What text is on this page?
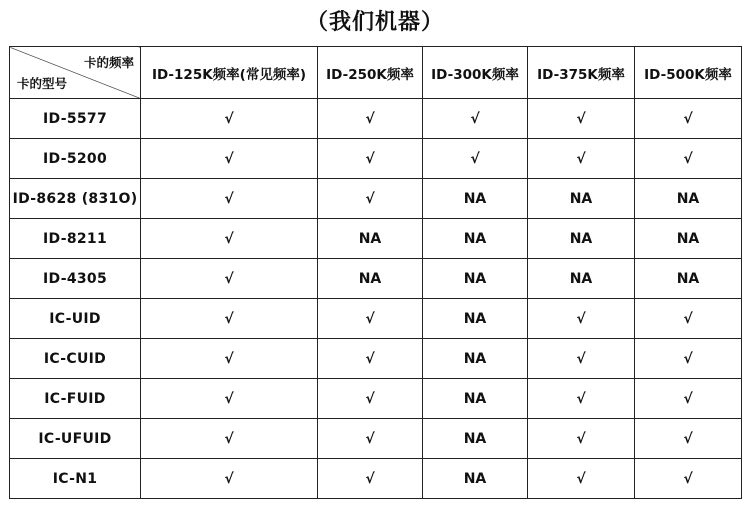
（我们机器）
卡的频率
卡的型号	ID-125K频率(常见频率)	ID-250K频率	ID-300K频率	ID-375K频率	ID-500K频率
ID-5577	√	√	√	√	√
ID-5200	√	√	√	√	√
ID-8628 (831O)	√	√	NA	NA	NA
ID-8211	√	NA	NA	NA	NA
ID-4305	√	NA	NA	NA	NA
IC-UID	√	√	NA	√	√
IC-CUID	√	√	NA	√	√
IC-FUID	√	√	NA	√	√
IC-UFUID	√	√	NA	√	√
IC-N1	√	√	NA	√	√
